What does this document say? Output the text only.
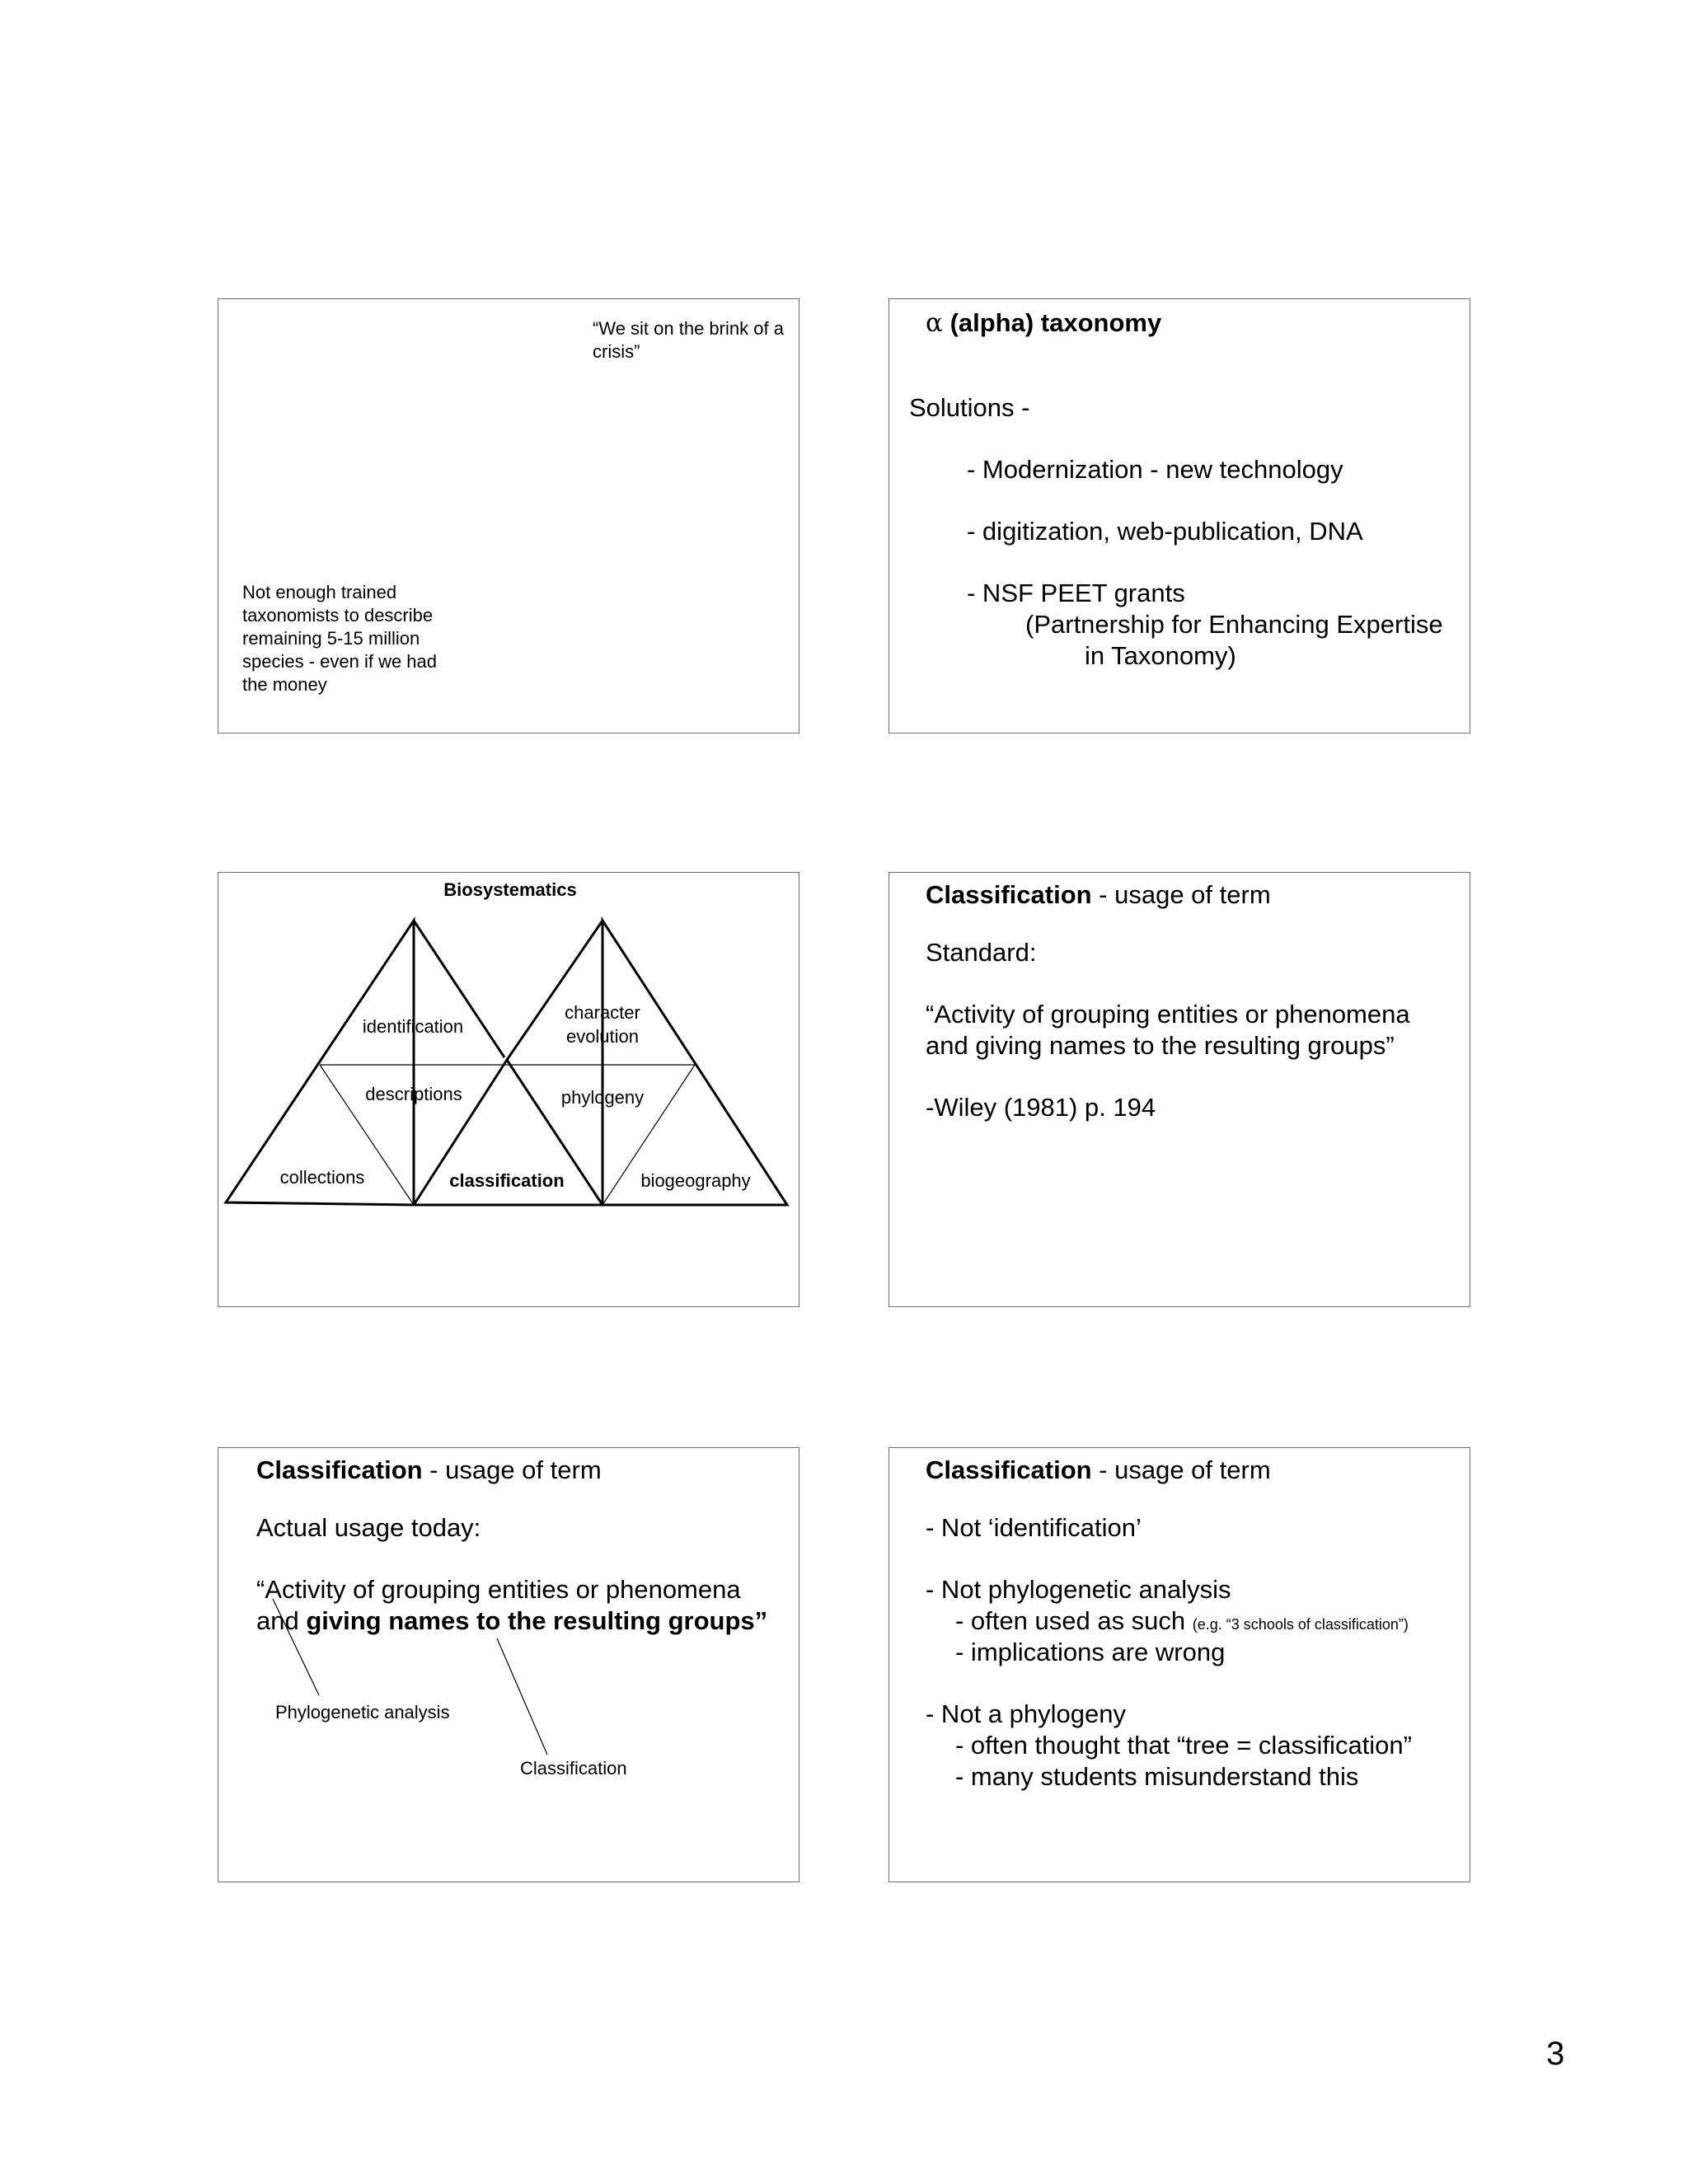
“We sit on the brink of a crisis”
Not enough trained taxonomists to describe remaining 5-15 million species - even if we had the money
α (alpha) taxonomy
Solutions -
- Modernization - new technology
- digitization, web-publication, DNA
- NSF PEET grants
(Partnership for Enhancing Expertise
in Taxonomy)
Biosystematics
identification
character
evolution
descriptions	phylogeny
collections	classification	biogeography
Classification - usage of term
Standard:
“Activity of grouping entities or phenomena
and giving names to the resulting groups”
-Wiley (1981) p. 194
Classification - usage of term
Actual usage today:
“Activity of grouping entities or phenomena
and giving names to the resulting groups”
Phylogenetic analysis
Classification
Classification - usage of term
- Not ‘identification’
- Not phylogenetic analysis
- often used as such (e.g. “3 schools of classification”)
- implications are wrong
- Not a phylogeny
- often thought that “tree = classification”
- many students misunderstand this
3
